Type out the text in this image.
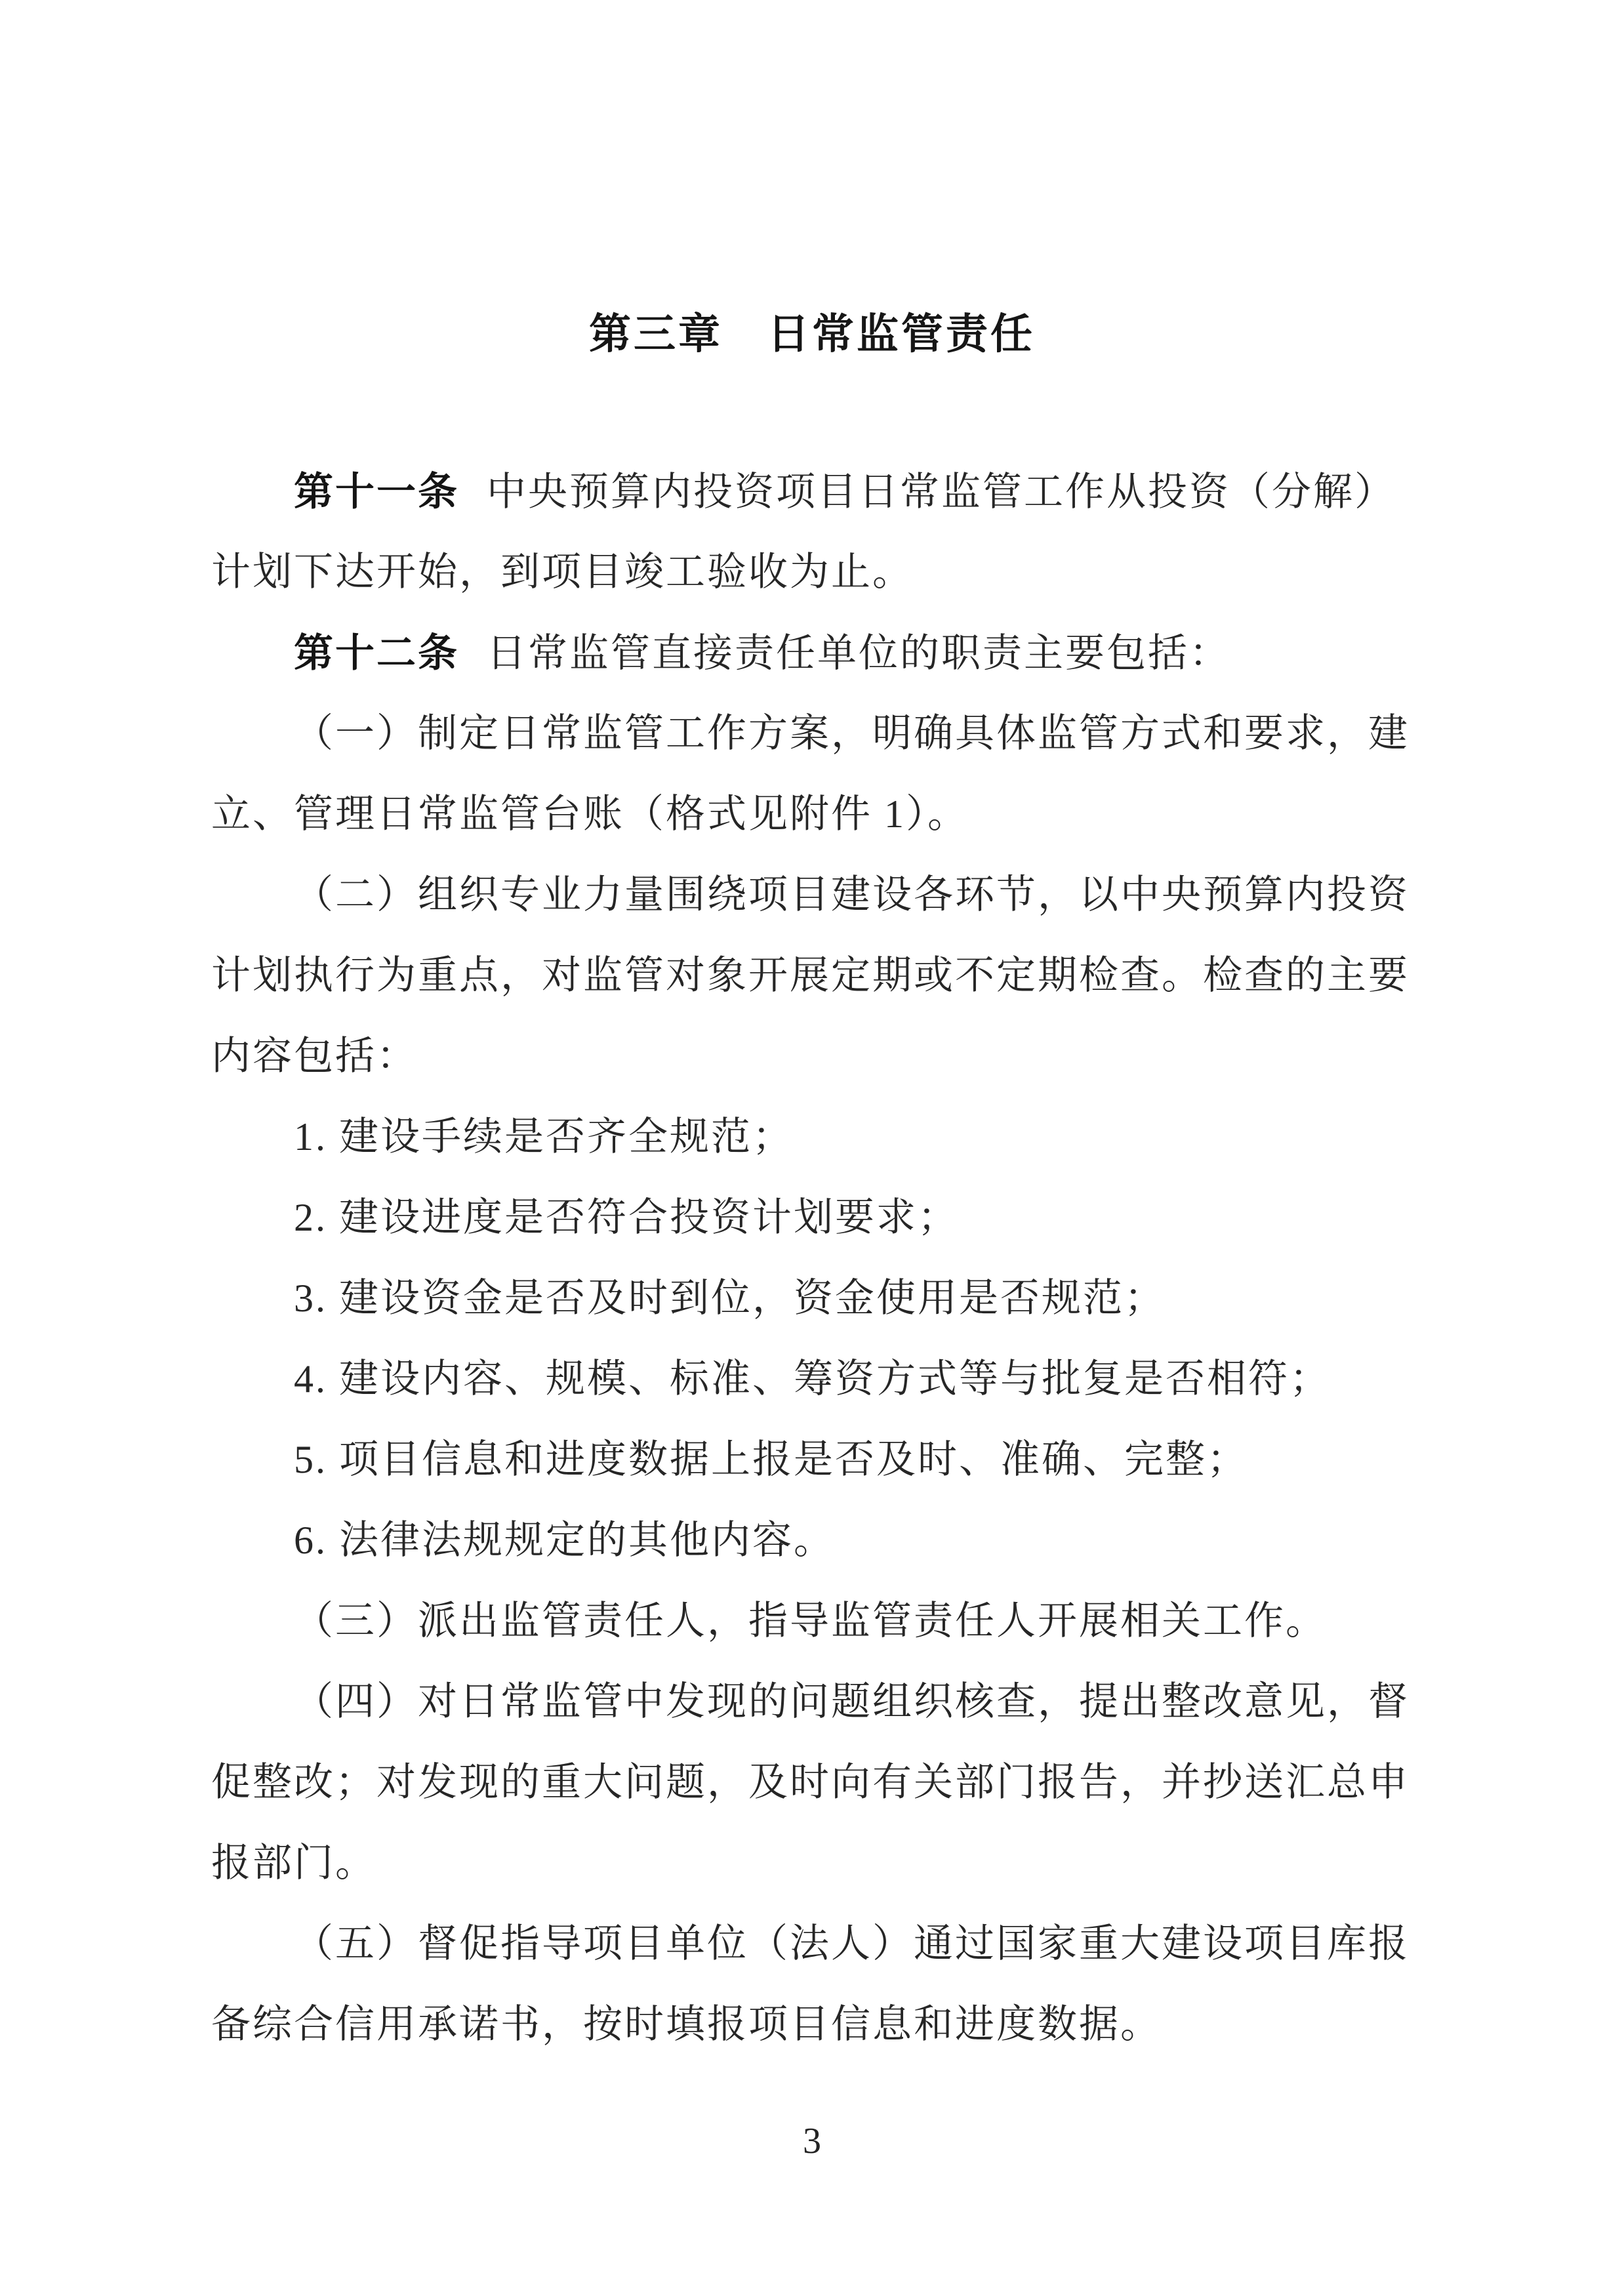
第三章　日常监管责任
第十一条 中央预算内投资项目日常监管工作从投资（分解）
计划下达开始，到项目竣工验收为止。
第十二条 日常监管直接责任单位的职责主要包括：
（一）制定日常监管工作方案，明确具体监管方式和要求，建
立、管理日常监管台账（格式见附件 1）。
（二）组织专业力量围绕项目建设各环节，以中央预算内投资
计划执行为重点，对监管对象开展定期或不定期检查。检查的主要
内容包括：
1. 建设手续是否齐全规范；
2. 建设进度是否符合投资计划要求；
3. 建设资金是否及时到位，资金使用是否规范；
4. 建设内容、规模、标准、筹资方式等与批复是否相符；
5. 项目信息和进度数据上报是否及时、准确、完整；
6. 法律法规规定的其他内容。
（三）派出监管责任人，指导监管责任人开展相关工作。
（四）对日常监管中发现的问题组织核查，提出整改意见，督
促整改；对发现的重大问题，及时向有关部门报告，并抄送汇总申
报部门。
（五）督促指导项目单位（法人）通过国家重大建设项目库报
备综合信用承诺书，按时填报项目信息和进度数据。
3
